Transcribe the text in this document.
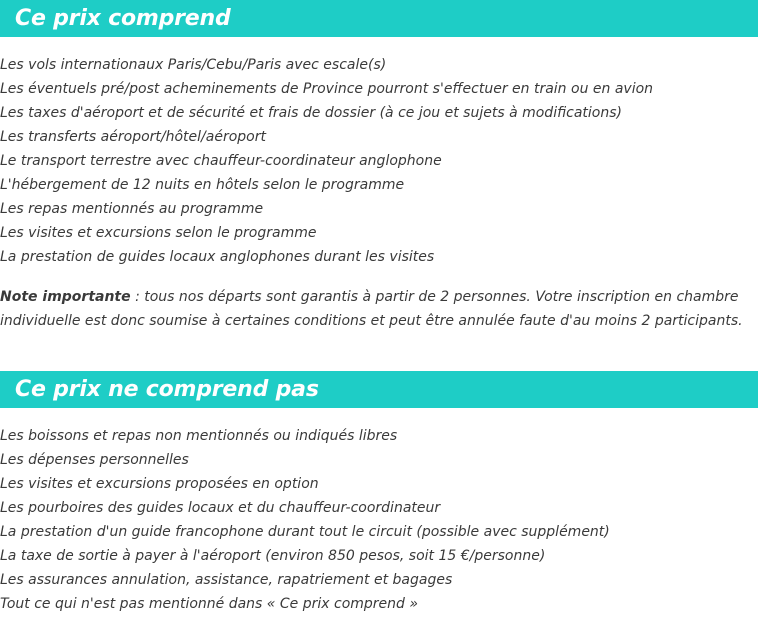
Ce prix comprend
Les vols internationaux Paris/Cebu/Paris avec escale(s)
Les éventuels pré/post acheminements de Province pourront s'effectuer en train ou en avion
Les taxes d'aéroport et de sécurité et frais de dossier (à ce jou et sujets à modifications)
Les transferts aéroport/hôtel/aéroport
Le transport terrestre avec chauffeur-coordinateur anglophone
L'hébergement de 12 nuits en hôtels selon le programme
Les repas mentionnés au programme
Les visites et excursions selon le programme
La prestation de guides locaux anglophones durant les visites
Note importante : tous nos départs sont garantis à partir de 2 personnes. Votre inscription en chambre individuelle est donc soumise à certaines conditions et peut être annulée faute d'au moins 2 participants.
Ce prix ne comprend pas
Les boissons et repas non mentionnés ou indiqués libres
Les dépenses personnelles
Les visites et excursions proposées en option
Les pourboires des guides locaux et du chauffeur-coordinateur
La prestation d'un guide francophone durant tout le circuit (possible avec supplément)
La taxe de sortie à payer à l'aéroport (environ 850 pesos, soit 15 €/personne)
Les assurances annulation, assistance, rapatriement et bagages
Tout ce qui n'est pas mentionné dans « Ce prix comprend »
